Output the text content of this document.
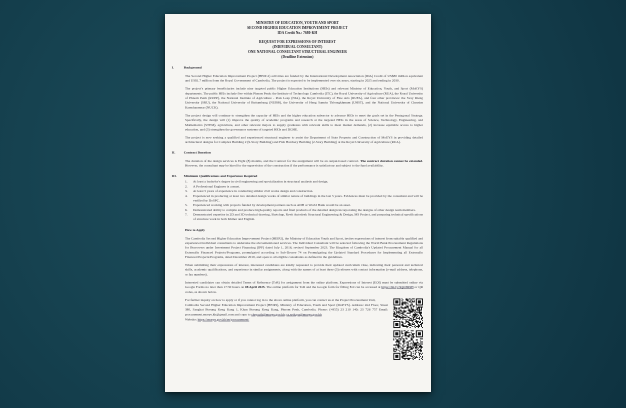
MINISTRY OF EDUCATION, YOUTH AND SPORT
SECOND HIGHER EDUCATION IMPROVEMENT PROJECT
IDA Credit No.: 7680-KH
REQUEST FOR EXPRESSIONS OF INTEREST
(INDIVIDUAL CONSULTANT)
ONE NATIONAL CONSULTANT STRUCTURAL ENGINEER
(Deadline Extension)
I. Background

The Second Higher Education Improvement Project (HEIP-2) activities are funded by the International Development Association (IDA) Credit of US$80 million equivalent and US$1.7 million from the Royal Government of Cambodia. The project is expected to be implemented over six years, starting in 2025 and ending in 2030.

The project's primary beneficiaries include nine targeted public Higher Education Institutions (HEIs) and relevant Ministry of Education, Youth, and Sport (MoEYS) departments. The public HEIs include five within Phnom Penh: the Institute of Technology Cambodia (ITC), the Royal University of Agriculture (RUA), the Royal University of Phnom Penh (RUPP), the National Institute of Agriculture - Prek Leap (NIA), the Royal University of Fine Arts (RUFA), and four other provinces: the Svay Rieng University (SRU), the National University of Battambang (NUBB), the University of Heng Samrin Thbongkhmum (UHST), and the National University of Cheasim Kamchaymear (NUCK).

The project design will continue to strengthen the capacity of HEIs and the higher education subsector to advance HEIs to meet the goals set in the Pentagonal Strategy. Specifically, the design will (1) improve the quality of academic programs and research at the targeted HEIs in the areas of Science, Technology, Engineering, and Mathematics (STEM), agriculture, and other relevant majors to supply graduates with relevant skills to meet market demands, (2) increase equitable access to higher education, and (3) strengthen the governance systems of targeted HEIs and DGHE.

The project is now seeking a qualified and experienced structural engineer to assist the Department of State Property and Construction of MoEYS in providing detailed architectural designs for Complex Building 2 (9-Story Building) and Fish Hatchery Building (2-Story Building) at the Royal University of Agriculture (RUA).

II. Contract Duration

The duration of the design services is Eight (8) months, and the Contract for the assignment will be an output-based contract. The contract duration cannot be extended. However, the consultant may be hired for the supervision of the construction if the performance is satisfactory and subject to the fund availability.

III. Minimum Qualifications and Experience Required
1. At least a bachelor's degree in civil engineering and specialization in structural analysis and design.
2. A Professional Engineer is a must.
3. At least 5 years of experience in conducting similar civil works design and construction.
4. Experienced in producing at least two detailed design works of similar nature of buildings in the last 5 years. Evidences must be provided by the consultant and will be verified by DoSPC.
5. Experienced working with projects funded by development partners such as ADB or World Bank would be an asset.
6. Demonstrated ability to compile and produce high-quality reports and final products of the detailed design incorporating the designs of other design team members.
7. Demonstrated expertise in 2D and 3D technical drawing, Sketchup, Revit Autodesk Structural Engineering & Design, MS Project, and preparing technical specifications of structure work in both Khmer and English.
How to Apply

The Cambodia Second Higher Education Improvement Project (HEIP2), the Ministry of Education Youth and Sport, invites expressions of interest from suitably qualified and experienced individual consultants to undertake the abovementioned services. The Individual Consultant will be selected following the World Bank Procurement Regulations for Borrowers under Investment Project Financing (IPF) dated July 1, 2016, revised September 2023. The Kingdom of Cambodia's Updated Procurement Manual for all Externally Financed Projects/Programs, promulgated according to Sub-Decree 74 on Promulgating the Updated Standard Procedures for Implementing all Externally Financed Projects/Programs, dated December 2019, and open to all eligible consultants as defined in the guidelines.

When submitting their expressions of interest, interested candidates are kindly requested to provide their updated curriculum vitae, indicating their personal and technical skills, academic qualifications, and experience in similar assignments, along with the names of at least three (3) referees with contact information (e-mail address, telephone, or fax numbers).

Interested candidates can obtain detailed Terms of Reference (ToR) for assignment from the online platform. Expressions of Interest (EOI) must be submitted online via Google Forms no later than 17:30 hours on 08 April 2025. The online platform for ToR and the Google form for filling EoI can be accessed at https://bit.ly/3QO3R9H or QR codes, as shown below.

For further inquiry on how to apply or if you cannot log in to the above online platform, you can contact us at the Project Procurement Unit,

Cambodia Second Higher Education Improvement Project (HEIP2), Ministry of Education, Youth and Sport (MoEYS). Address: 2nd Floor, Street 380, Sangkat Boeung Keng Kang 1, Khan Boeung Keng Kang, Phnom Penh, Cambodia. Phone: (+855) 23 210 140; 23 726 757 Email: procurement.moeys.kh@gmail.com and copy to chey.uth@moeys.gov.kh; ra.seth.pu@moeys.gov.kh

Website: https://moeys.gov.kh/en/procurement/
